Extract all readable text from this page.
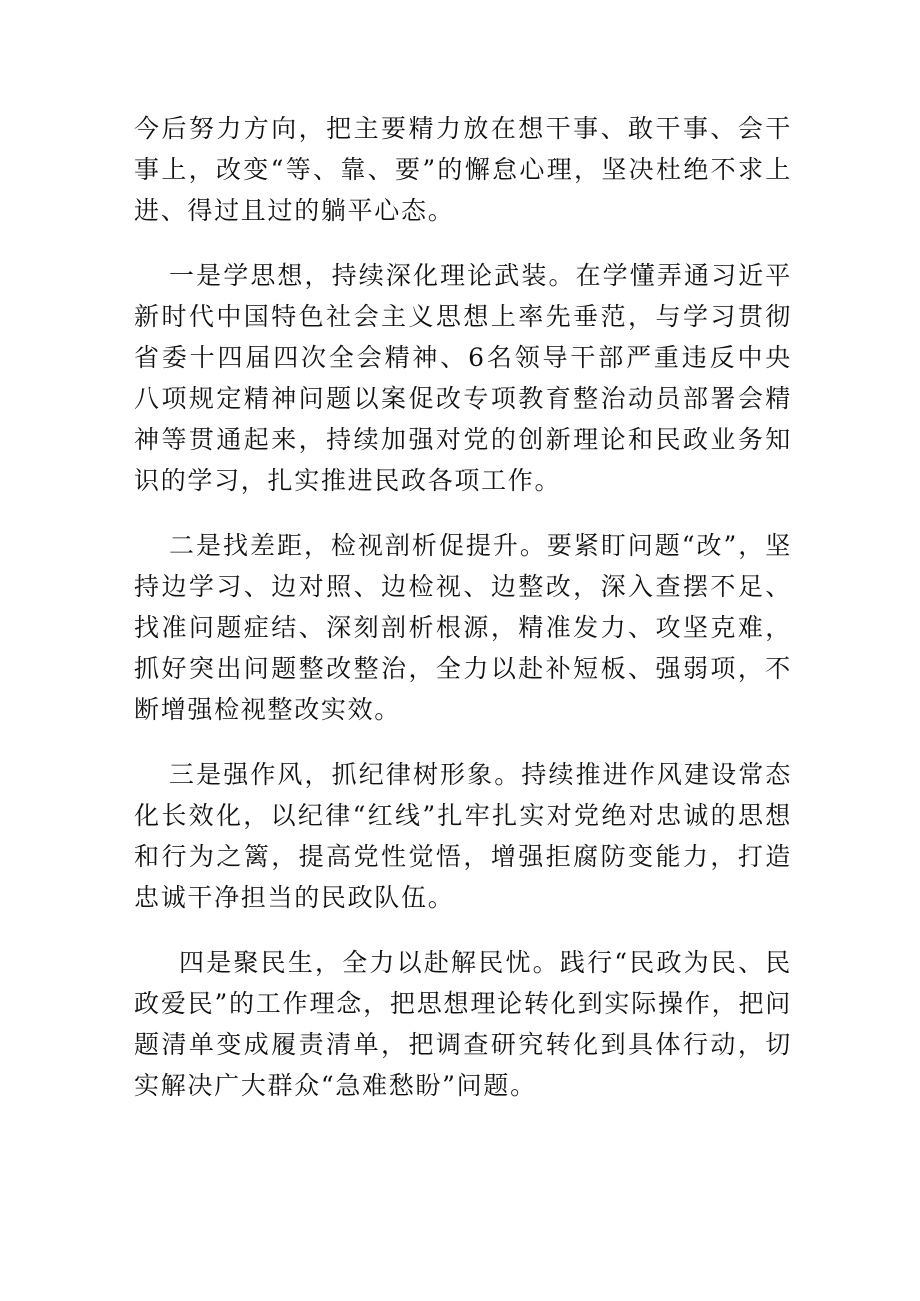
今后努力方向，把主要精力放在想干事、敢干事、会干事上，改变“等、靠、要”的懈怠心理，坚决杜绝不求上进、得过且过的躺平心态。

一是学思想，持续深化理论武装。在学懂弄通习近平新时代中国特色社会主义思想上率先垂范，与学习贯彻省委十四届四次全会精神、6名领导干部严重违反中央八项规定精神问题以案促改专项教育整治动员部署会精神等贯通起来，持续加强对党的创新理论和民政业务知识的学习，扎实推进民政各项工作。

二是找差距，检视剖析促提升。要紧盯问题“改”，坚持边学习、边对照、边检视、边整改，深入查摆不足、找准问题症结、深刻剖析根源，精准发力、攻坚克难，抓好突出问题整改整治，全力以赴补短板、强弱项，不断增强检视整改实效。

三是强作风，抓纪律树形象。持续推进作风建设常态化长效化，以纪律“红线”扎牢扎实对党绝对忠诚的思想和行为之篱，提高党性觉悟，增强拒腐防变能力，打造忠诚干净担当的民政队伍。

四是聚民生，全力以赴解民忧。践行“民政为民、民政爱民”的工作理念，把思想理论转化到实际操作，把问题清单变成履责清单，把调查研究转化到具体行动，切实解决广大群众“急难愁盼”问题。
